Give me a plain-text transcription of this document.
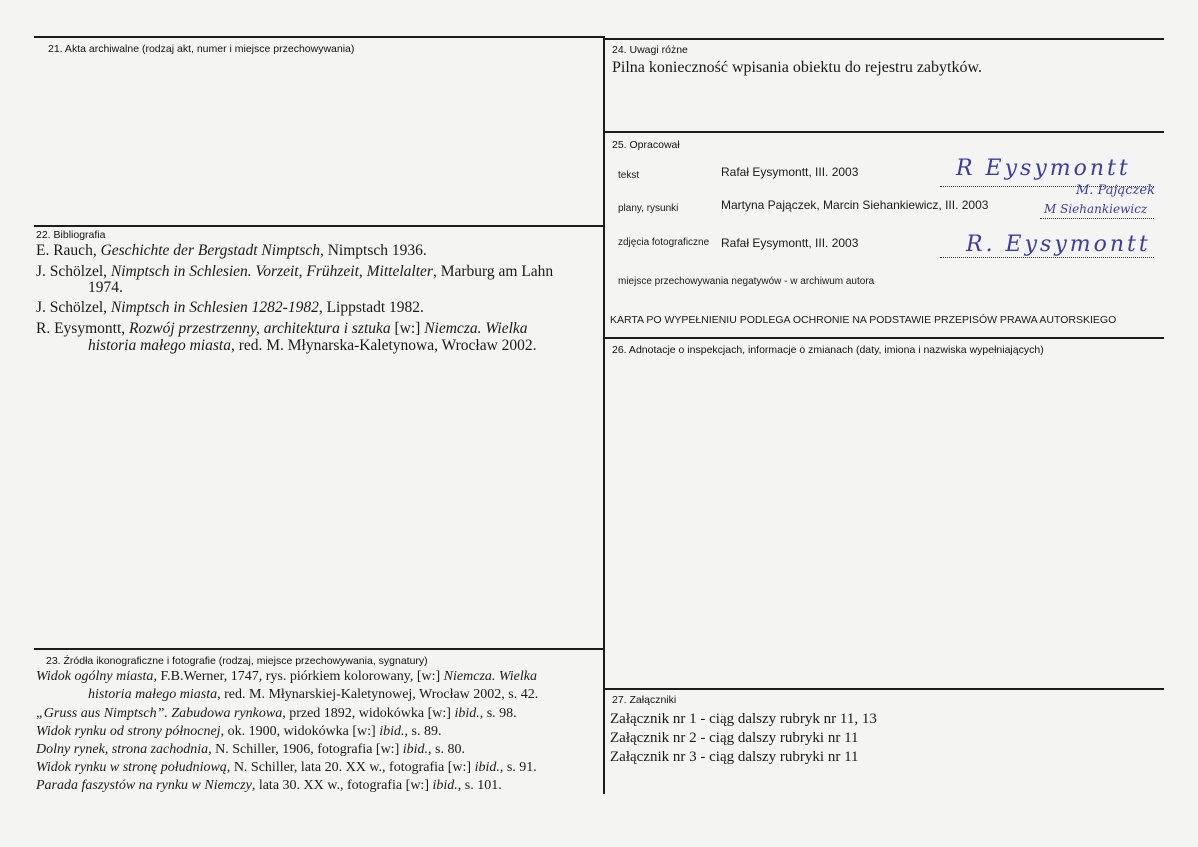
21. Akta archiwalne (rodzaj akt, numer i miejsce przechowywania)
22. Bibliografia
E. Rauch, Geschichte der Bergstadt Nimptsch, Nimptsch 1936.
J. Schölzel, Nimptsch in Schlesien. Vorzeit, Frühzeit, Mittelalter, Marburg am Lahn
1974.
J. Schölzel, Nimptsch in Schlesien 1282-1982, Lippstadt 1982.
R. Eysymontt, Rozwój przestrzenny, architektura i sztuka [w:] Niemcza. Wielka
historia małego miasta, red. M. Młynarska-Kaletynowa, Wrocław 2002.
23. Źródła ikonograficzne i fotografie (rodzaj, miejsce przechowywania, sygnatury)
Widok ogólny miasta, F.B.Werner, 1747, rys. piórkiem kolorowany, [w:] Niemcza. Wielka
historia małego miasta, red. M. Młynarskiej-Kaletynowej, Wrocław 2002, s. 42.
„Gruss aus Nimptsch”. Zabudowa rynkowa, przed 1892, widokówka [w:] ibid., s. 98.
Widok rynku od strony północnej, ok. 1900, widokówka [w:] ibid., s. 89.
Dolny rynek, strona zachodnia, N. Schiller, 1906, fotografia [w:] ibid., s. 80.
Widok rynku w stronę południową, N. Schiller, lata 20. XX w., fotografia [w:] ibid., s. 91.
Parada faszystów na rynku w Niemczy, lata 30. XX w., fotografia [w:] ibid., s. 101.
24. Uwagi różne
Pilna konieczność wpisania obiektu do rejestru zabytków.
25. Opracował
tekst	Rafał Eysymontt, III. 2003	R Eysymontt
plany, rysunki	Martyna Pajączek, Marcin Siehankiewicz, III. 2003
M. Pajączek
M Siehankiewicz
zdjęcia fotograficzne Rafał Eysymontt, III. 2003	R. Eysymontt
miejsce przechowywania negatywów - w archiwum autora
KARTA PO WYPEŁNIENIU PODLEGA OCHRONIE NA PODSTAWIE PRZEPISÓW PRAWA AUTORSKIEGO
26. Adnotacje o inspekcjach, informacje o zmianach (daty, imiona i nazwiska wypełniających)
27. Załączniki
Załącznik nr 1 - ciąg dalszy rubryk nr 11, 13
Załącznik nr 2 - ciąg dalszy rubryki nr 11
Załącznik nr 3 - ciąg dalszy rubryki nr 11
